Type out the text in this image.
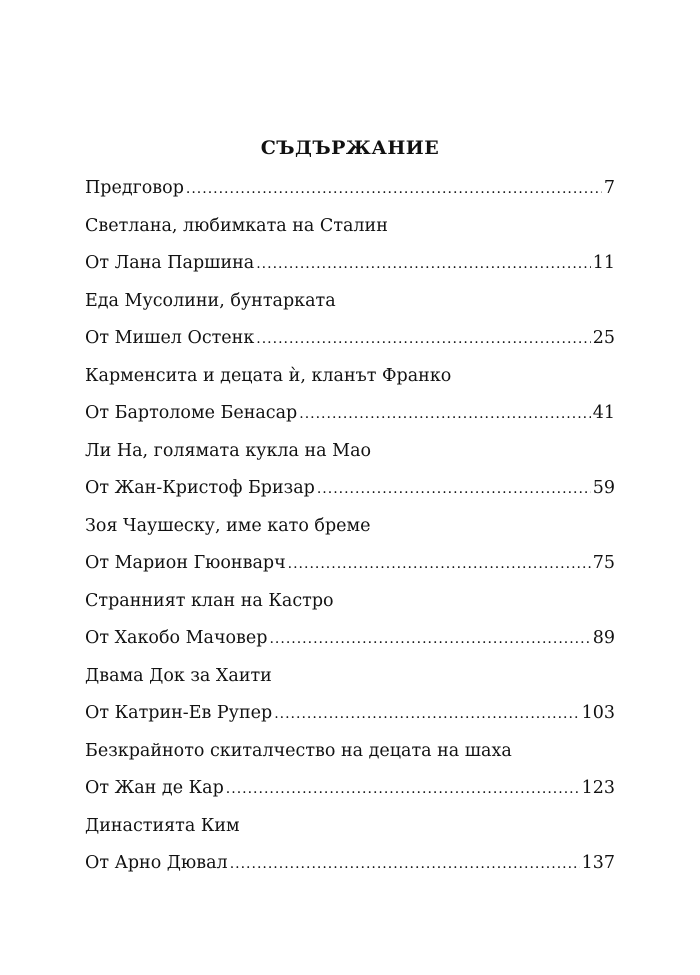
СЪДЪРЖАНИЕ
Предговор .....	7
Светлана, любимката на Сталин
От Лана Паршина .....	11
Еда Мусолини, бунтарката
От Мишел Остенк .....	25
Карменсита и децата ѝ, кланът Франко
От Бартоломе Бенасар .....	41
Ли На, голямата кукла на Мао
От Жан-Кристоф Бризар .....	59
Зоя Чаушеску, име като бреме
От Марион Гюонварч .....	75
Странният клан на Кастро
От Хакобо Мачовер .....	89
Двама Док за Хаити
От Катрин-Ев Рупер .....	103
Безкрайното скиталчество на децата на шаха
От Жан де Кар .....	123
Династията Ким
От Арно Дювал .....	137
